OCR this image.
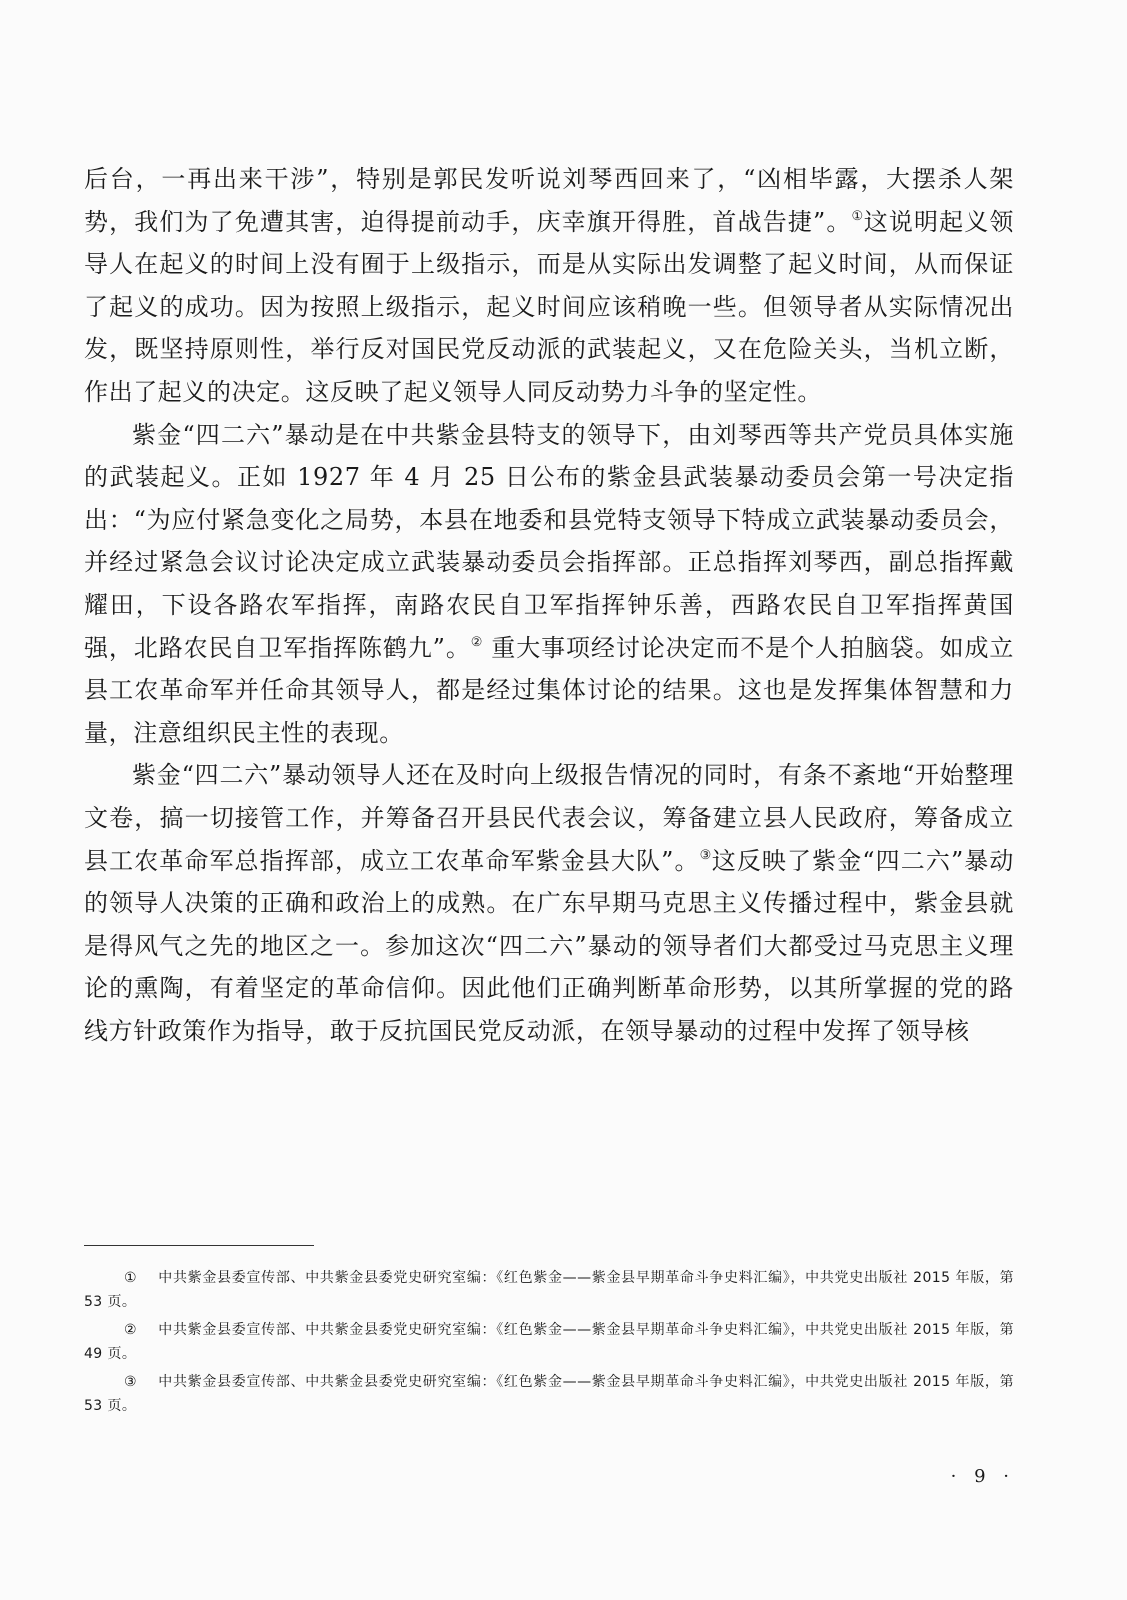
后台，一再出来干涉”，特别是郭民发听说刘琴西回来了，“凶相毕露，大摆杀人架势，我们为了免遭其害，迫得提前动手，庆幸旗开得胜，首战告捷”。①这说明起义领导人在起义的时间上没有囿于上级指示，而是从实际出发调整了起义时间，从而保证了起义的成功。因为按照上级指示，起义时间应该稍晚一些。但领导者从实际情况出发，既坚持原则性，举行反对国民党反动派的武装起义，又在危险关头，当机立断，作出了起义的决定。这反映了起义领导人同反动势力斗争的坚定性。

紫金“四二六”暴动是在中共紫金县特支的领导下，由刘琴西等共产党员具体实施的武装起义。正如 1927 年 4 月 25 日公布的紫金县武装暴动委员会第一号决定指出：“为应付紧急变化之局势，本县在地委和县党特支领导下特成立武装暴动委员会，并经过紧急会议讨论决定成立武装暴动委员会指挥部。正总指挥刘琴西，副总指挥戴耀田，下设各路农军指挥，南路农民自卫军指挥钟乐善，西路农民自卫军指挥黄国强，北路农民自卫军指挥陈鹤九”。② 重大事项经讨论决定而不是个人拍脑袋。如成立县工农革命军并任命其领导人，都是经过集体讨论的结果。这也是发挥集体智慧和力量，注意组织民主性的表现。

紫金“四二六”暴动领导人还在及时向上级报告情况的同时，有条不紊地“开始整理文卷，搞一切接管工作，并筹备召开县民代表会议，筹备建立县人民政府，筹备成立县工农革命军总指挥部，成立工农革命军紫金县大队”。③这反映了紫金“四二六”暴动的领导人决策的正确和政治上的成熟。在广东早期马克思主义传播过程中，紫金县就是得风气之先的地区之一。参加这次“四二六”暴动的领导者们大都受过马克思主义理论的熏陶，有着坚定的革命信仰。因此他们正确判断革命形势，以其所掌握的党的路线方针政策作为指导，敢于反抗国民党反动派，在领导暴动的过程中发挥了领导核

① 中共紫金县委宣传部、中共紫金县委党史研究室编：《红色紫金——紫金县早期革命斗争史料汇编》，中共党史出版社 2015 年版，第 53 页。

② 中共紫金县委宣传部、中共紫金县委党史研究室编：《红色紫金——紫金县早期革命斗争史料汇编》，中共党史出版社 2015 年版，第 49 页。

③ 中共紫金县委宣传部、中共紫金县委党史研究室编：《红色紫金——紫金县早期革命斗争史料汇编》，中共党史出版社 2015 年版，第 53 页。

· 9 ·
